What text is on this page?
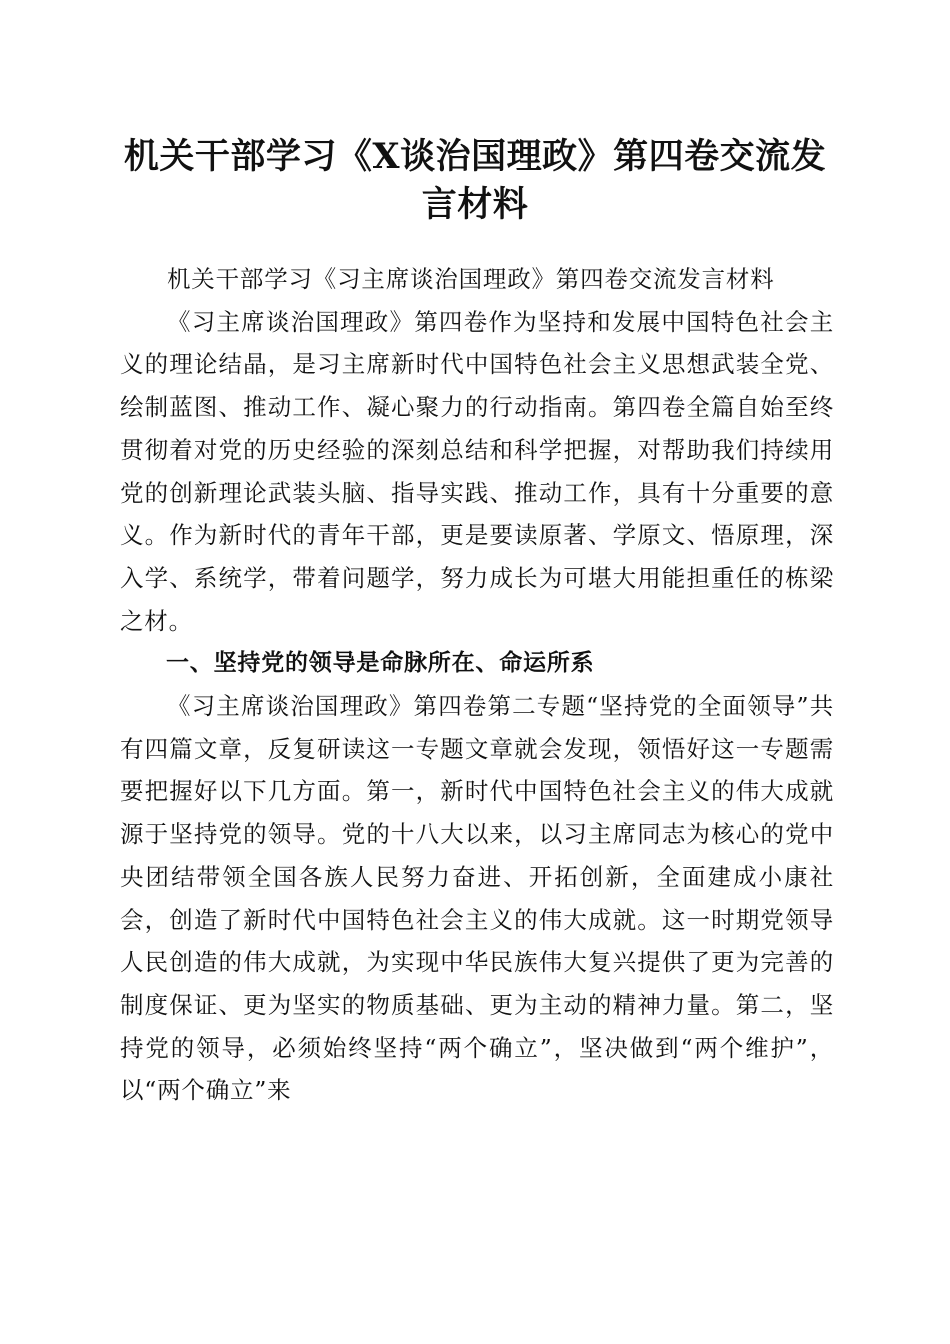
机关干部学习《X谈治国理政》第四卷交流发言材料

机关干部学习《习主席谈治国理政》第四卷交流发言材料

《习主席谈治国理政》第四卷作为坚持和发展中国特色社会主义的理论结晶，是习主席新时代中国特色社会主义思想武装全党、绘制蓝图、推动工作、凝心聚力的行动指南。第四卷全篇自始至终贯彻着对党的历史经验的深刻总结和科学把握，对帮助我们持续用党的创新理论武装头脑、指导实践、推动工作，具有十分重要的意义。作为新时代的青年干部，更是要读原著、学原文、悟原理，深入学、系统学，带着问题学，努力成长为可堪大用能担重任的栋梁之材。

一、坚持党的领导是命脉所在、命运所系

《习主席谈治国理政》第四卷第二专题“坚持党的全面领导”共有四篇文章，反复研读这一专题文章就会发现，领悟好这一专题需要把握好以下几方面。第一，新时代中国特色社会主义的伟大成就源于坚持党的领导。党的十八大以来，以习主席同志为核心的党中央团结带领全国各族人民努力奋进、开拓创新，全面建成小康社会，创造了新时代中国特色社会主义的伟大成就。这一时期党领导人民创造的伟大成就，为实现中华民族伟大复兴提供了更为完善的制度保证、更为坚实的物质基础、更为主动的精神力量。第二，坚持党的领导，必须始终坚持“两个确立”，坚决做到“两个维护”，以“两个确立”来
